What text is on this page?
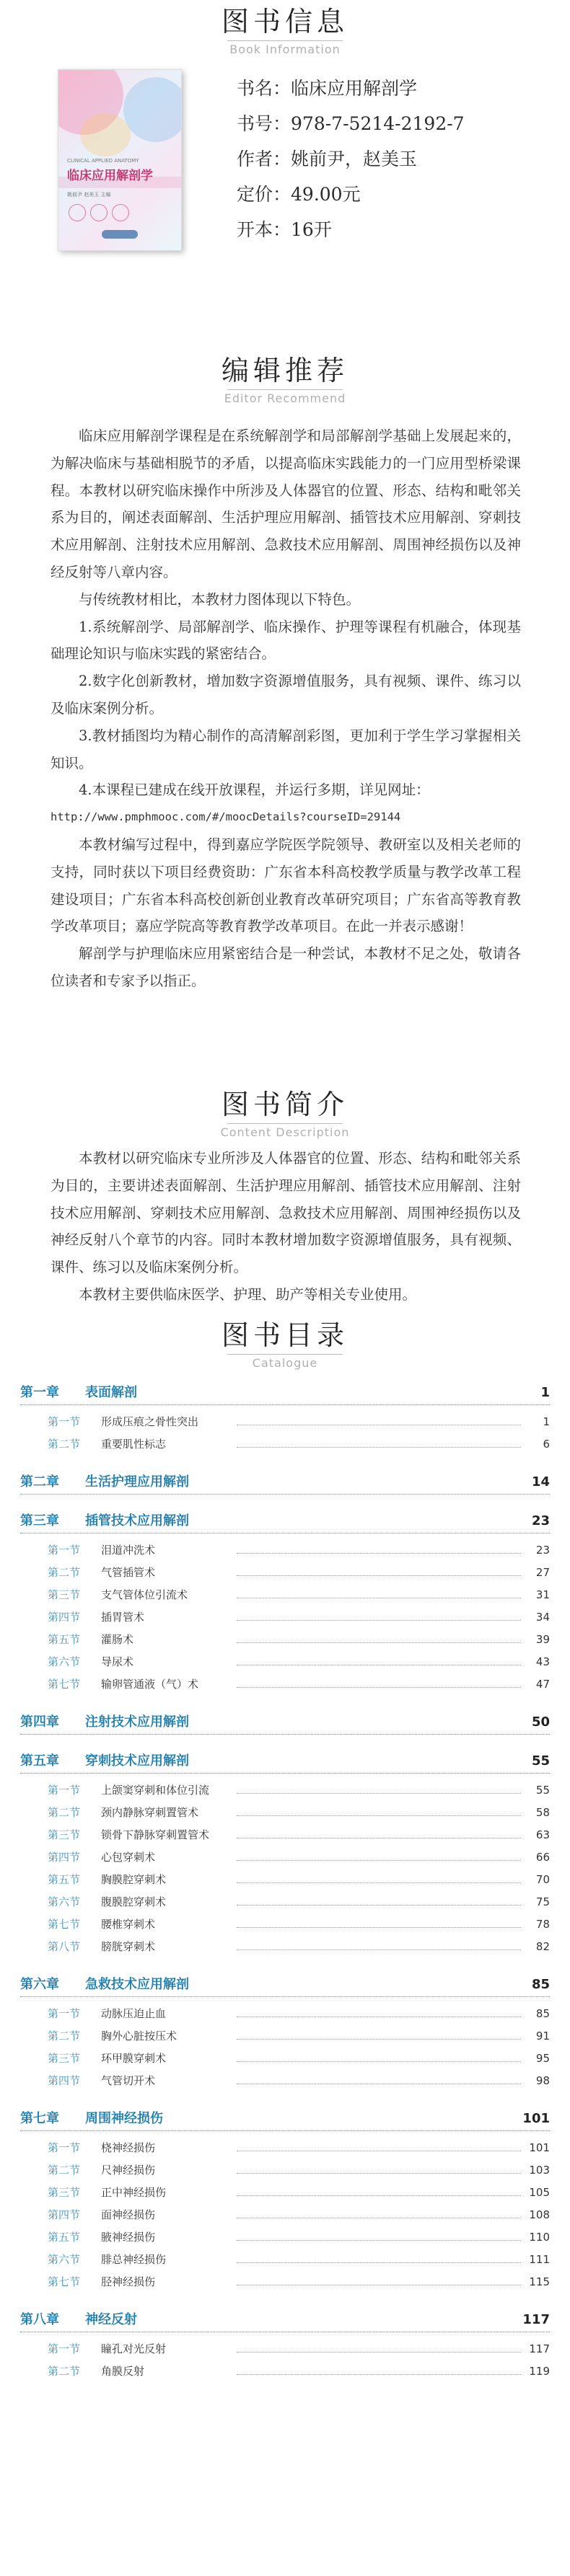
图书信息
Book Information
CLINICAL APPLIED ANATOMY
临床应用解剖学
姚前尹 赵美玉 主编
书名：临床应用解剖学
书号：978-7-5214-2192-7
作者：姚前尹，赵美玉
定价：49.00元
开本：16开
编辑推荐
Editor Recommend

临床应用解剖学课程是在系统解剖学和局部解剖学基础上发展起来的，为解决临床与基础相脱节的矛盾，以提高临床实践能力的一门应用型桥梁课程。本教材以研究临床操作中所涉及人体器官的位置、形态、结构和毗邻关系为目的，阐述表面解剖、生活护理应用解剖、插管技术应用解剖、穿刺技术应用解剖、注射技术应用解剖、急救技术应用解剖、周围神经损伤以及神经反射等八章内容。

与传统教材相比，本教材力图体现以下特色。

1.系统解剖学、局部解剖学、临床操作、护理等课程有机融合，体现基础理论知识与临床实践的紧密结合。

2.数字化创新教材，增加数字资源增值服务，具有视频、课件、练习以及临床案例分析。

3.教材插图均为精心制作的高清解剖彩图，更加利于学生学习掌握相关知识。

4.本课程已建成在线开放课程，并运行多期，详见网址：

http://www.pmphmooc.com/#/moocDetails?courseID=29144

本教材编写过程中，得到嘉应学院医学院领导、教研室以及相关老师的支持，同时获以下项目经费资助：广东省本科高校教学质量与教学改革工程建设项目；广东省本科高校创新创业教育改革研究项目；广东省高等教育教学改革项目；嘉应学院高等教育教学改革项目。在此一并表示感谢！

解剖学与护理临床应用紧密结合是一种尝试，本教材不足之处，敬请各位读者和专家予以指正。

图书简介
Content Description

本教材以研究临床专业所涉及人体器官的位置、形态、结构和毗邻关系为目的，主要讲述表面解剖、生活护理应用解剖、插管技术应用解剖、注射技术应用解剖、穿刺技术应用解剖、急救技术应用解剖、周围神经损伤以及神经反射八个章节的内容。同时本教材增加数字资源增值服务，具有视频、课件、练习以及临床案例分析。

本教材主要供临床医学、护理、助产等相关专业使用。

图书目录
Catalogue
第一章 表面解剖	1
第一节 形成压痕之骨性突出	1
第二节 重要肌性标志	6
第二章 生活护理应用解剖	14
第三章 插管技术应用解剖	23
第一节 泪道冲洗术	23
第二节 气管插管术	27
第三节 支气管体位引流术	31
第四节 插胃管术	34
第五节 灌肠术	39
第六节 导尿术	43
第七节 输卵管通液（气）术	47
第四章 注射技术应用解剖	50
第五章 穿刺技术应用解剖	55
第一节 上颌窦穿刺和体位引流	55
第二节 颈内静脉穿刺置管术	58
第三节 锁骨下静脉穿刺置管术	63
第四节 心包穿刺术	66
第五节 胸膜腔穿刺术	70
第六节 腹膜腔穿刺术	75
第七节 腰椎穿刺术	78
第八节 膀胱穿刺术	82
第六章 急救技术应用解剖	85
第一节 动脉压迫止血	85
第二节 胸外心脏按压术	91
第三节 环甲膜穿刺术	95
第四节 气管切开术	98
第七章 周围神经损伤	101
第一节 桡神经损伤	101
第二节 尺神经损伤	103
第三节 正中神经损伤	105
第四节 面神经损伤	108
第五节 腋神经损伤	110
第六节 腓总神经损伤	111
第七节 胫神经损伤	115
第八章 神经反射	117
第一节 瞳孔对光反射	117
第二节 角膜反射	119
